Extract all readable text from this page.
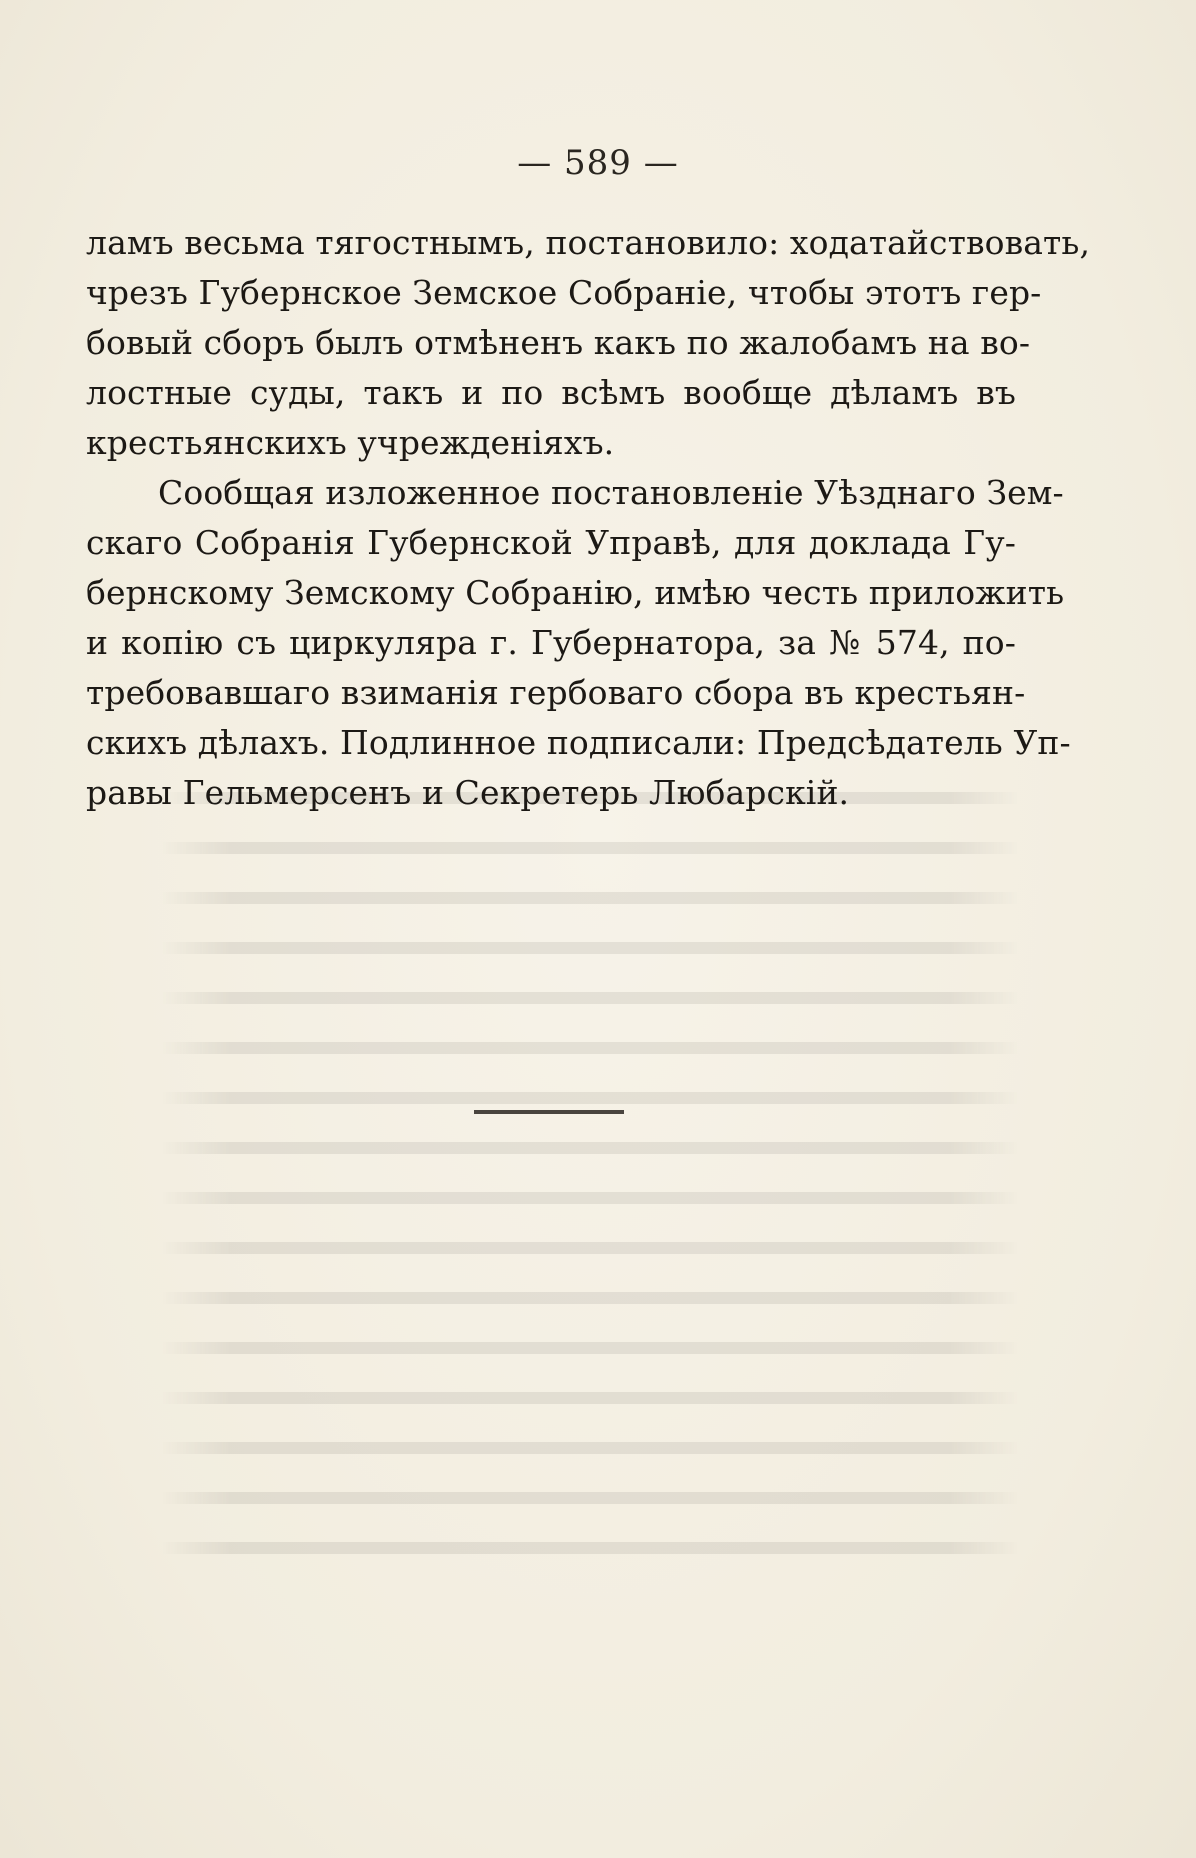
— 589 —
ламъ весьма тягостнымъ, постановило: ходатайствовать,
чрезъ Губернское Земское Собраніе, чтобы этотъ гер-
бовый сборъ былъ отмѣненъ какъ по жалобамъ на во-
лостные суды, такъ и по всѣмъ вообще дѣламъ въ
крестьянскихъ учрежденіяхъ.
Сообщая изложенное постановленіе Уѣзднаго Зем-
скаго Собранія Губернской Управѣ, для доклада Гу-
бернскому Земскому Собранію, имѣю честь приложить
и копію съ циркуляра г. Губернатора, за № 574, по-
требовавшаго взиманія гербоваго сбора въ крестьян-
скихъ дѣлахъ. Подлинное подписали: Предсѣдатель Уп-
равы Гельмерсенъ и Секретерь Любарскій.
